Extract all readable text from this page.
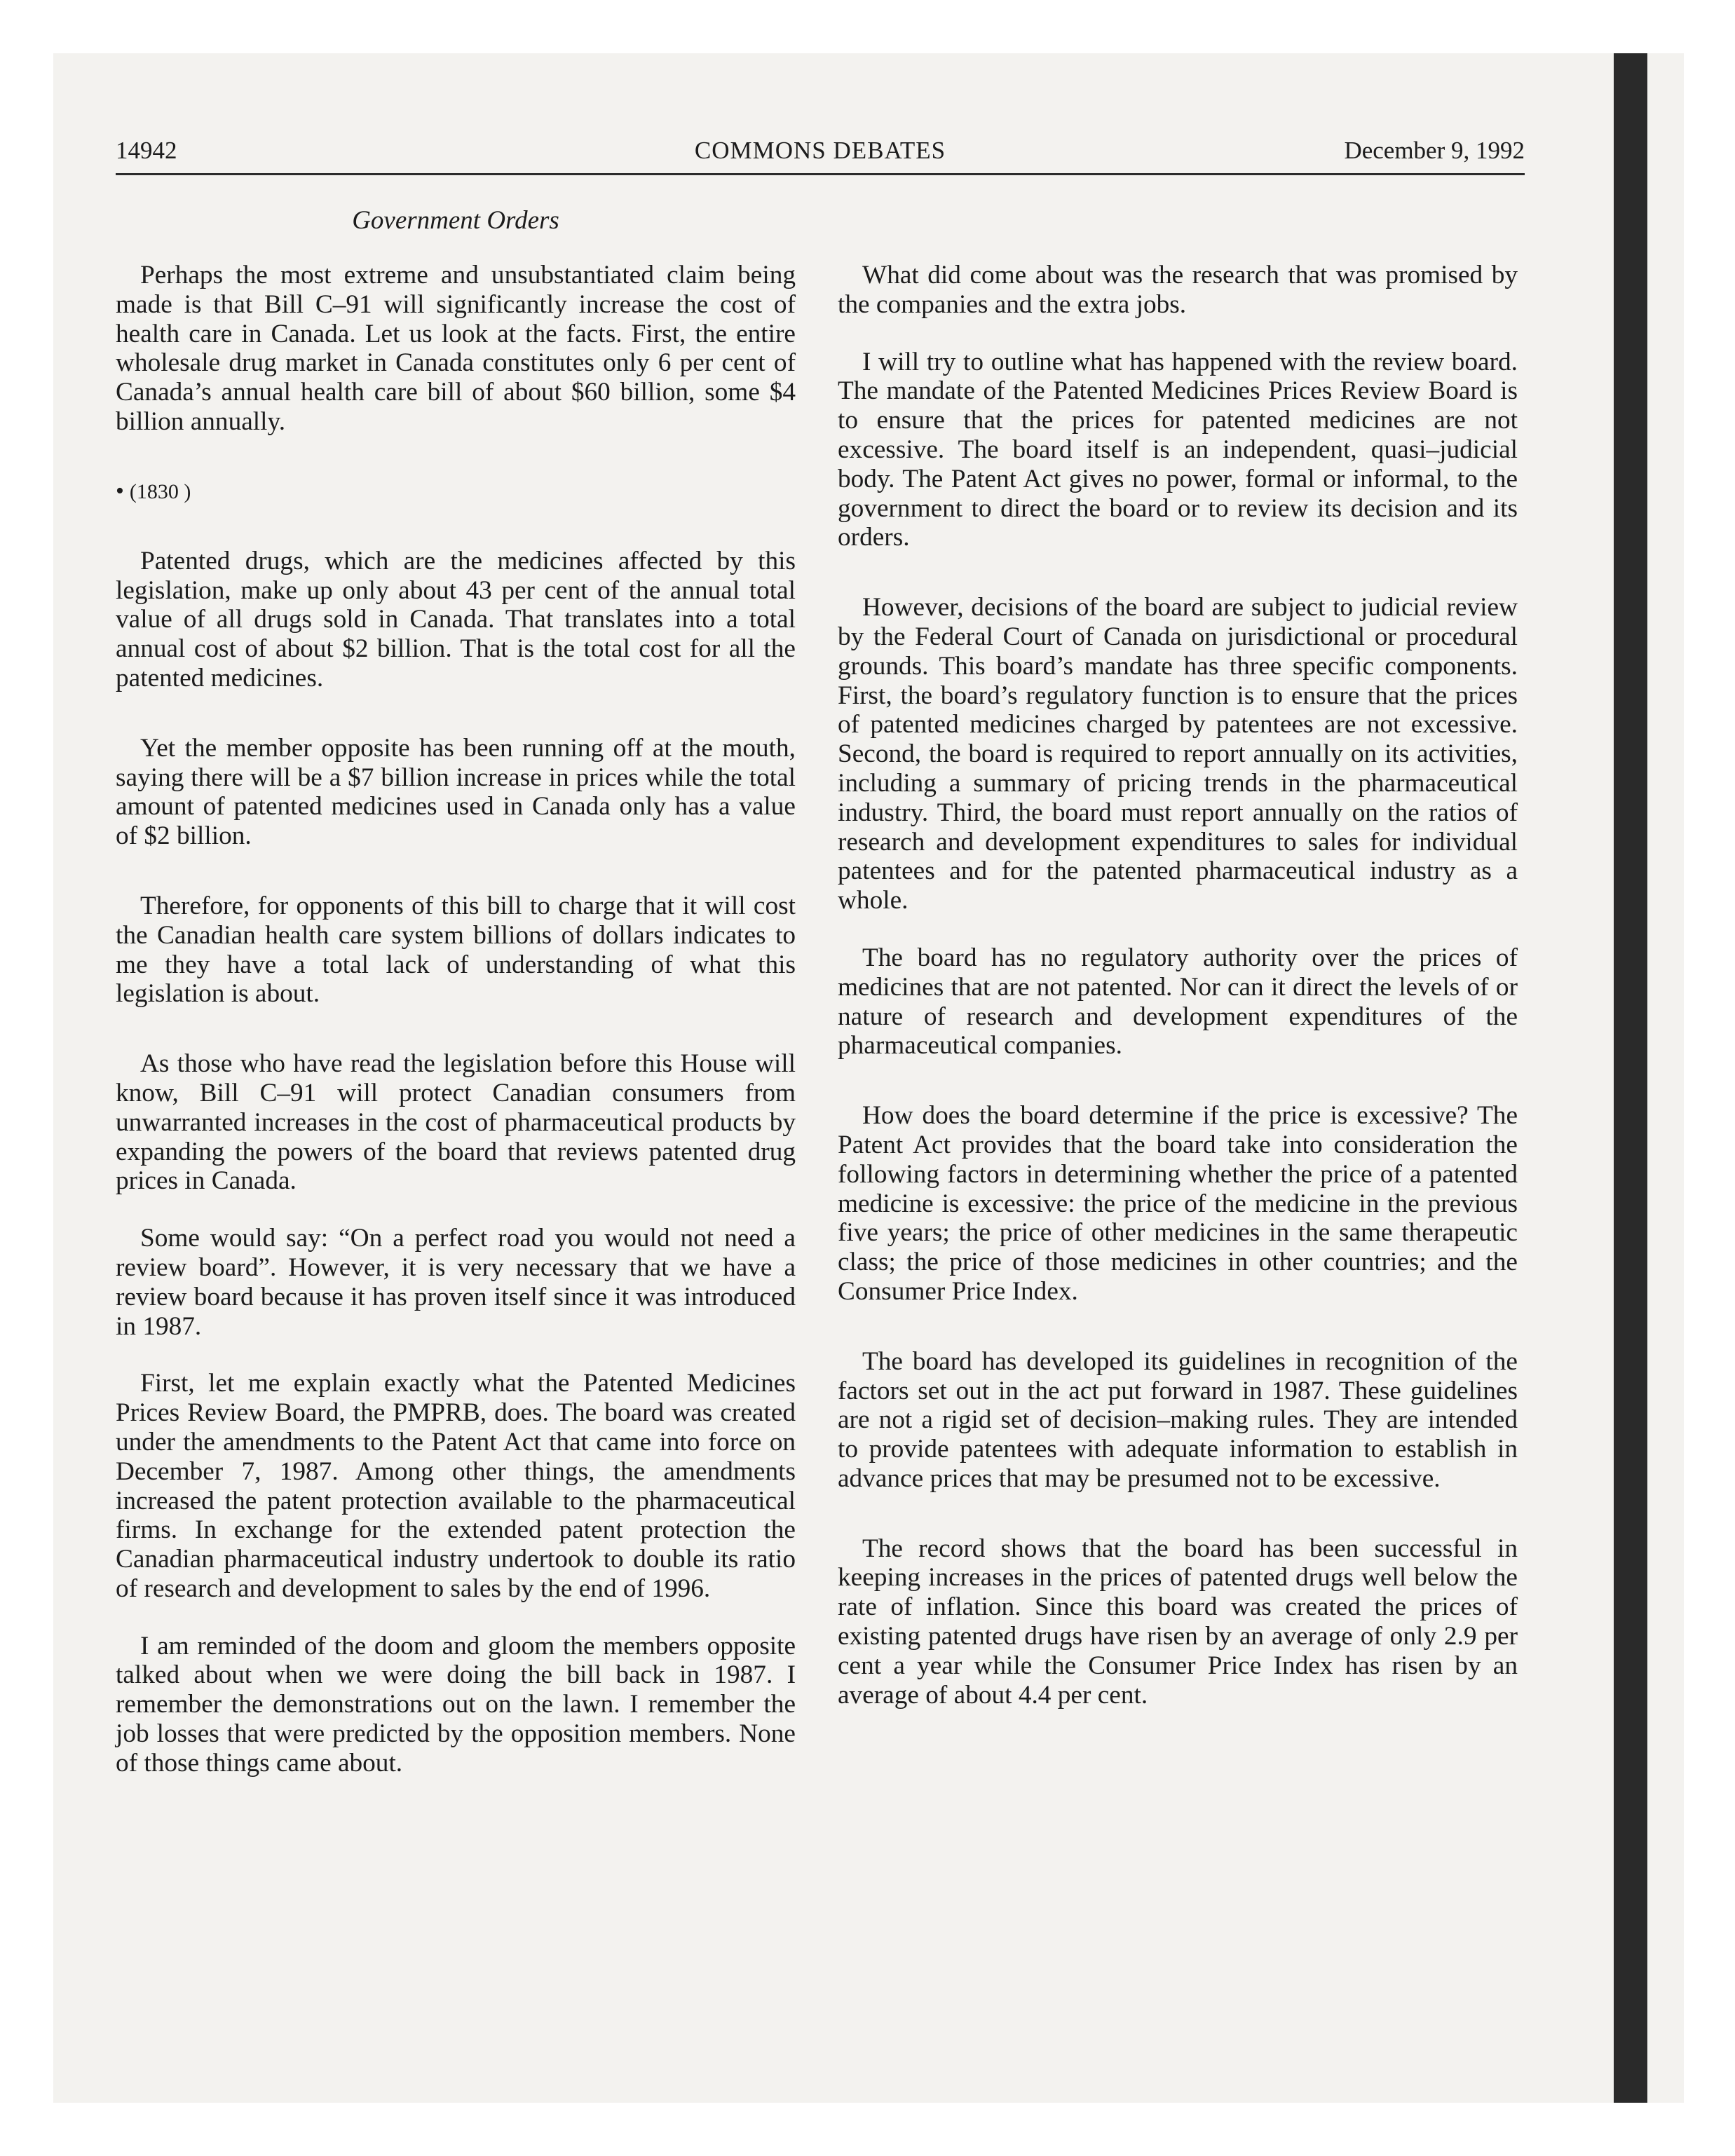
14942	COMMONS DEBATES	December 9, 1992
Government Orders

Perhaps the most extreme and unsubstantiated claim being made is that Bill C–91 will significantly increase the cost of health care in Canada. Let us look at the facts. First, the entire wholesale drug market in Canada constitutes only 6 per cent of Canada’s annual health care bill of about $60 billion, some $4 billion annually.

• (1830 )

Patented drugs, which are the medicines affected by this legislation, make up only about 43 per cent of the annual total value of all drugs sold in Canada. That translates into a total annual cost of about $2 billion. That is the total cost for all the patented medicines.

Yet the member opposite has been running off at the mouth, saying there will be a $7 billion increase in prices while the total amount of patented medicines used in Canada only has a value of $2 billion.

Therefore, for opponents of this bill to charge that it will cost the Canadian health care system billions of dollars indicates to me they have a total lack of understanding of what this legislation is about.

As those who have read the legislation before this House will know, Bill C–91 will protect Canadian consumers from unwarranted increases in the cost of pharmaceutical products by expanding the powers of the board that reviews patented drug prices in Canada.

Some would say: “On a perfect road you would not need a review board”. However, it is very necessary that we have a review board because it has proven itself since it was introduced in 1987.

First, let me explain exactly what the Patented Medicines Prices Review Board, the PMPRB, does. The board was created under the amendments to the Patent Act that came into force on December 7, 1987. Among other things, the amendments increased the patent protection available to the pharmaceutical firms. In exchange for the extended patent protection the Canadian pharmaceutical industry undertook to double its ratio of research and development to sales by the end of 1996.

I am reminded of the doom and gloom the members opposite talked about when we were doing the bill back in 1987. I remember the demonstrations out on the lawn. I remember the job losses that were predicted by the opposition members. None of those things came about.

What did come about was the research that was promised by the companies and the extra jobs.

I will try to outline what has happened with the review board. The mandate of the Patented Medicines Prices Review Board is to ensure that the prices for patented medicines are not excessive. The board itself is an independent, quasi–judicial body. The Patent Act gives no power, formal or informal, to the government to direct the board or to review its decision and its orders.

However, decisions of the board are subject to judicial review by the Federal Court of Canada on jurisdictional or procedural grounds. This board’s mandate has three specific components. First, the board’s regulatory function is to ensure that the prices of patented medicines charged by patentees are not excessive. Second, the board is required to report annually on its activities, including a summary of pricing trends in the pharmaceutical industry. Third, the board must report annually on the ratios of research and development expenditures to sales for individual patentees and for the patented pharmaceutical industry as a whole.

The board has no regulatory authority over the prices of medicines that are not patented. Nor can it direct the levels of or nature of research and development expenditures of the pharmaceutical companies.

How does the board determine if the price is excessive? The Patent Act provides that the board take into consideration the following factors in determining whether the price of a patented medicine is excessive: the price of the medicine in the previous five years; the price of other medicines in the same therapeutic class; the price of those medicines in other countries; and the Consumer Price Index.

The board has developed its guidelines in recognition of the factors set out in the act put forward in 1987. These guidelines are not a rigid set of decision–making rules. They are intended to provide patentees with adequate information to establish in advance prices that may be presumed not to be excessive.

The record shows that the board has been successful in keeping increases in the prices of patented drugs well below the rate of inflation. Since this board was created the prices of existing patented drugs have risen by an average of only 2.9 per cent a year while the Consumer Price Index has risen by an average of about 4.4 per cent.
